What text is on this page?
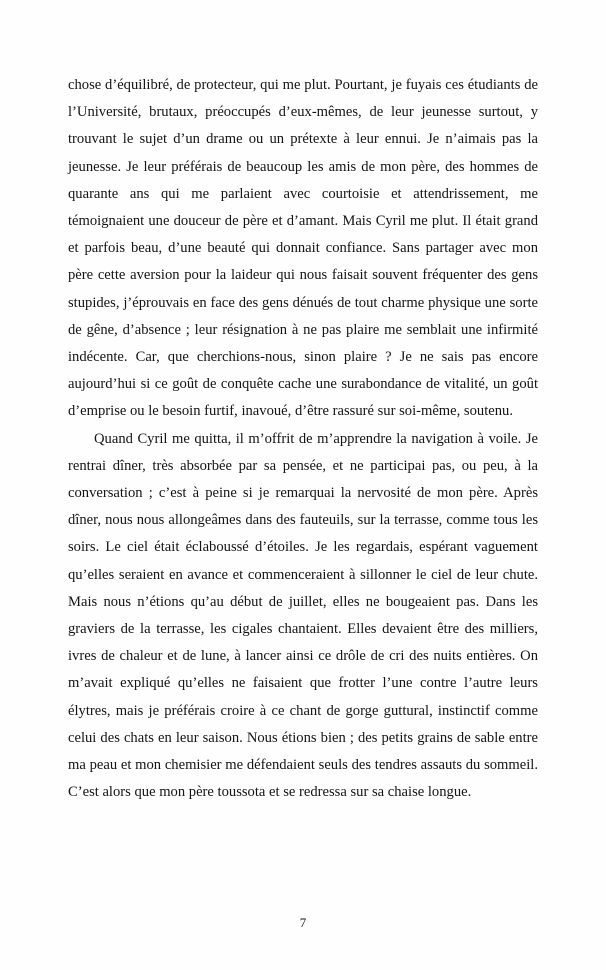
chose d’équilibré, de protecteur, qui me plut. Pourtant, je fuyais ces étudiants de l’Université, brutaux, préoccupés d’eux-mêmes, de leur jeunesse surtout, y trouvant le sujet d’un drame ou un prétexte à leur ennui. Je n’aimais pas la jeunesse. Je leur préférais de beaucoup les amis de mon père, des hommes de quarante ans qui me parlaient avec courtoisie et attendrissement, me témoignaient une douceur de père et d’amant. Mais Cyril me plut. Il était grand et parfois beau, d’une beauté qui donnait confiance. Sans partager avec mon père cette aversion pour la laideur qui nous faisait souvent fréquenter des gens stupides, j’éprouvais en face des gens dénués de tout charme physique une sorte de gêne, d’absence ; leur résignation à ne pas plaire me semblait une infirmité indécente. Car, que cherchions-nous, sinon plaire ? Je ne sais pas encore aujourd’hui si ce goût de conquête cache une surabondance de vitalité, un goût d’emprise ou le besoin furtif, inavoué, d’être rassuré sur soi-même, soutenu.

Quand Cyril me quitta, il m’offrit de m’apprendre la navigation à voile. Je rentrai dîner, très absorbée par sa pensée, et ne participai pas, ou peu, à la conversation ; c’est à peine si je remarquai la nervosité de mon père. Après dîner, nous nous allongeâmes dans des fauteuils, sur la terrasse, comme tous les soirs. Le ciel était éclaboussé d’étoiles. Je les regardais, espérant vaguement qu’elles seraient en avance et commenceraient à sillonner le ciel de leur chute. Mais nous n’étions qu’au début de juillet, elles ne bougeaient pas. Dans les graviers de la terrasse, les cigales chantaient. Elles devaient être des milliers, ivres de chaleur et de lune, à lancer ainsi ce drôle de cri des nuits entières. On m’avait expliqué qu’elles ne faisaient que frotter l’une contre l’autre leurs élytres, mais je préférais croire à ce chant de gorge guttural, instinctif comme celui des chats en leur saison. Nous étions bien ; des petits grains de sable entre ma peau et mon chemisier me défendaient seuls des tendres assauts du sommeil. C’est alors que mon père toussota et se redressa sur sa chaise longue.

7
